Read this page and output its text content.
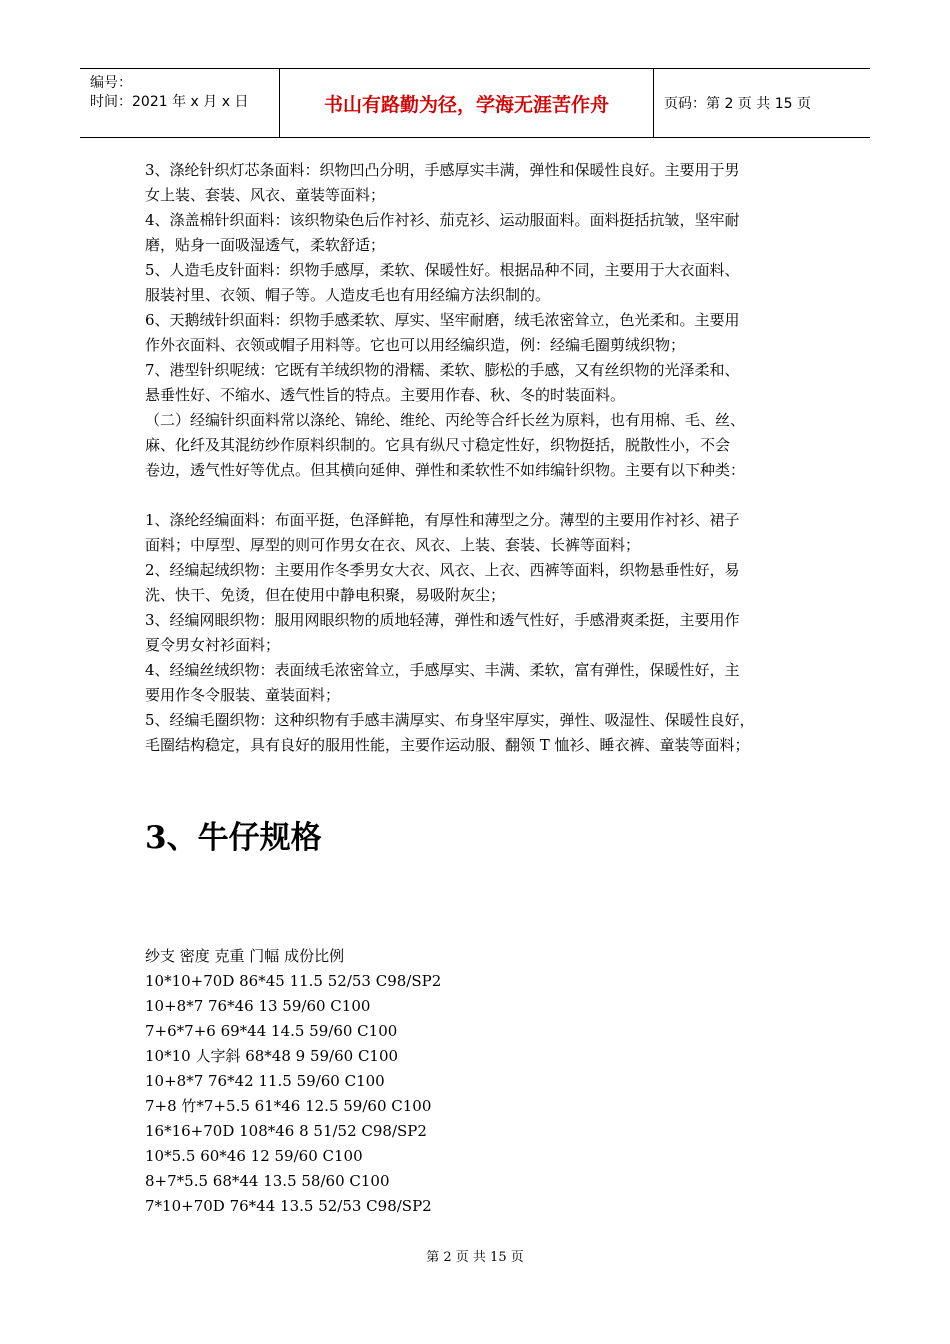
编号：
时间：2021 年 x 月 x 日	书山有路勤为径，学海无涯苦作舟	页码：第 2 页 共 15 页

3、涤纶针织灯芯条面料：织物凹凸分明，手感厚实丰满，弹性和保暖性良好。主要用于男

女上装、套装、风衣、童装等面料；

4、涤盖棉针织面料：该织物染色后作衬衫、茄克衫、运动服面料。面料挺括抗皱，坚牢耐

磨，贴身一面吸湿透气，柔软舒适；

5、人造毛皮针面料：织物手感厚，柔软、保暖性好。根据品种不同，主要用于大衣面料、

服装衬里、衣领、帽子等。人造皮毛也有用经编方法织制的。

6、天鹅绒针织面料：织物手感柔软、厚实、坚牢耐磨，绒毛浓密耸立，色光柔和。主要用

作外衣面料、衣领或帽子用料等。它也可以用经编织造，例：经编毛圈剪绒织物；

7、港型针织呢绒：它既有羊绒织物的滑糯、柔软、膨松的手感，又有丝织物的光泽柔和、

悬垂性好、不缩水、透气性旨的特点。主要用作春、秋、冬的时装面料。

（二）经编针织面料常以涤纶、锦纶、维纶、丙纶等合纤长丝为原料，也有用棉、毛、丝、

麻、化纤及其混纺纱作原料织制的。它具有纵尺寸稳定性好，织物挺括，脱散性小，不会

卷边，透气性好等优点。但其横向延伸、弹性和柔软性不如纬编针织物。主要有以下种类：

1、涤纶经编面料：布面平挺，色泽鲜艳，有厚性和薄型之分。薄型的主要用作衬衫、裙子

面料；中厚型、厚型的则可作男女在衣、风衣、上装、套装、长裤等面料；

2、经编起绒织物：主要用作冬季男女大衣、风衣、上衣、西裤等面料，织物悬垂性好，易

洗、快干、免烫，但在使用中静电积聚，易吸附灰尘；

3、经编网眼织物：服用网眼织物的质地轻薄，弹性和透气性好，手感滑爽柔挺，主要用作

夏令男女衬衫面料；

4、经编丝绒织物：表面绒毛浓密耸立，手感厚实、丰满、柔软，富有弹性，保暖性好，主

要用作冬令服装、童装面料；

5、经编毛圈织物：这种织物有手感丰满厚实、布身坚牢厚实，弹性、吸湿性、保暖性良好，

毛圈结构稳定，具有良好的服用性能，主要作运动服、翻领 T 恤衫、睡衣裤、童装等面料；

3、牛仔规格

纱支 密度 克重 门幅 成份比例

10*10+70D 86*45 11.5 52/53 C98/SP2

10+8*7 76*46 13 59/60 C100

7+6*7+6 69*44 14.5 59/60 C100

10*10 人字斜 68*48 9 59/60 C100

10+8*7 76*42 11.5 59/60 C100

7+8 竹*7+5.5 61*46 12.5 59/60 C100

16*16+70D 108*46 8 51/52 C98/SP2

10*5.5 60*46 12 59/60 C100

8+7*5.5 68*44 13.5 58/60 C100

7*10+70D 76*44 13.5 52/53 C98/SP2

第 2 页 共 15 页
